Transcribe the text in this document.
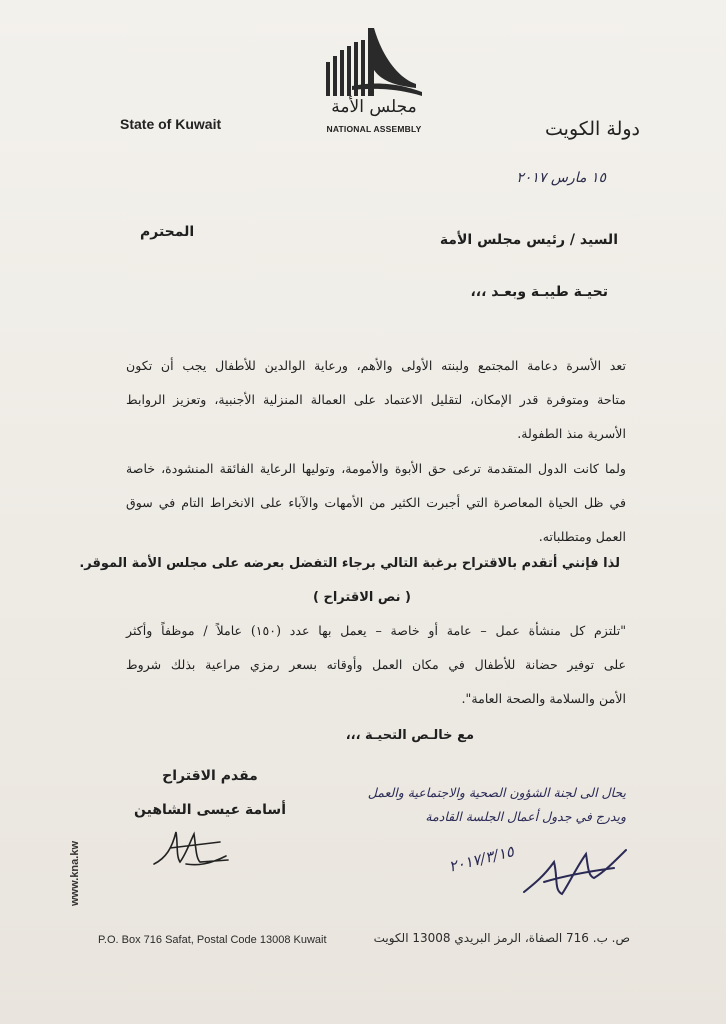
مجلس الأمة
NATIONAL ASSEMBLY
State of Kuwait	دولة الكويت
١٥ مارس ٢٠١٧
المحترم	السيد / رئيس مجلس الأمة
تحيـة طيبـة وبعـد ،،،
تعد الأسرة دعامة المجتمع ولبنته الأولى والأهم، ورعاية الوالدين للأطفال يجب أن تكون
متاحة ومتوفرة قدر الإمكان، لتقليل الاعتماد على العمالة المنزلية الأجنبية، وتعزيز الروابط
الأسرية منذ الطفولة.
ولما كانت الدول المتقدمة ترعى حق الأبوة والأمومة، وتوليها الرعاية الفائقة المنشودة، خاصة
في ظل الحياة المعاصرة التي أجبرت الكثير من الأمهات والآباء على الانخراط التام في سوق
العمل ومتطلباته.
لذا فإنني أتقدم بالاقتراح برغبة التالي برجاء التفضل بعرضه على مجلس الأمة الموقر.
( نص الاقتراح )
"تلتزم كل منشأة عمل – عامة أو خاصة – يعمل بها عدد (١٥٠) عاملاً / موظفاً وأكثر
على توفير حضانة للأطفال في مكان العمل وأوقاته بسعر رمزي مراعية بذلك شروط
الأمن والسلامة والصحة العامة".
مع خالـص التحيـة ،،،
مقدم الاقتراح
أسامة عيسى الشاهين
يحال الى لجنة الشؤون الصحية والاجتماعية والعمل
ويدرج في جدول أعمال الجلسة القادمة
٢٠١٧/٣/١٥
www.kna.kw
P.O. Box 716 Safat, Postal Code 13008 Kuwait	ص. ب. 716 الصفاة، الرمز البريدي 13008 الكويت
